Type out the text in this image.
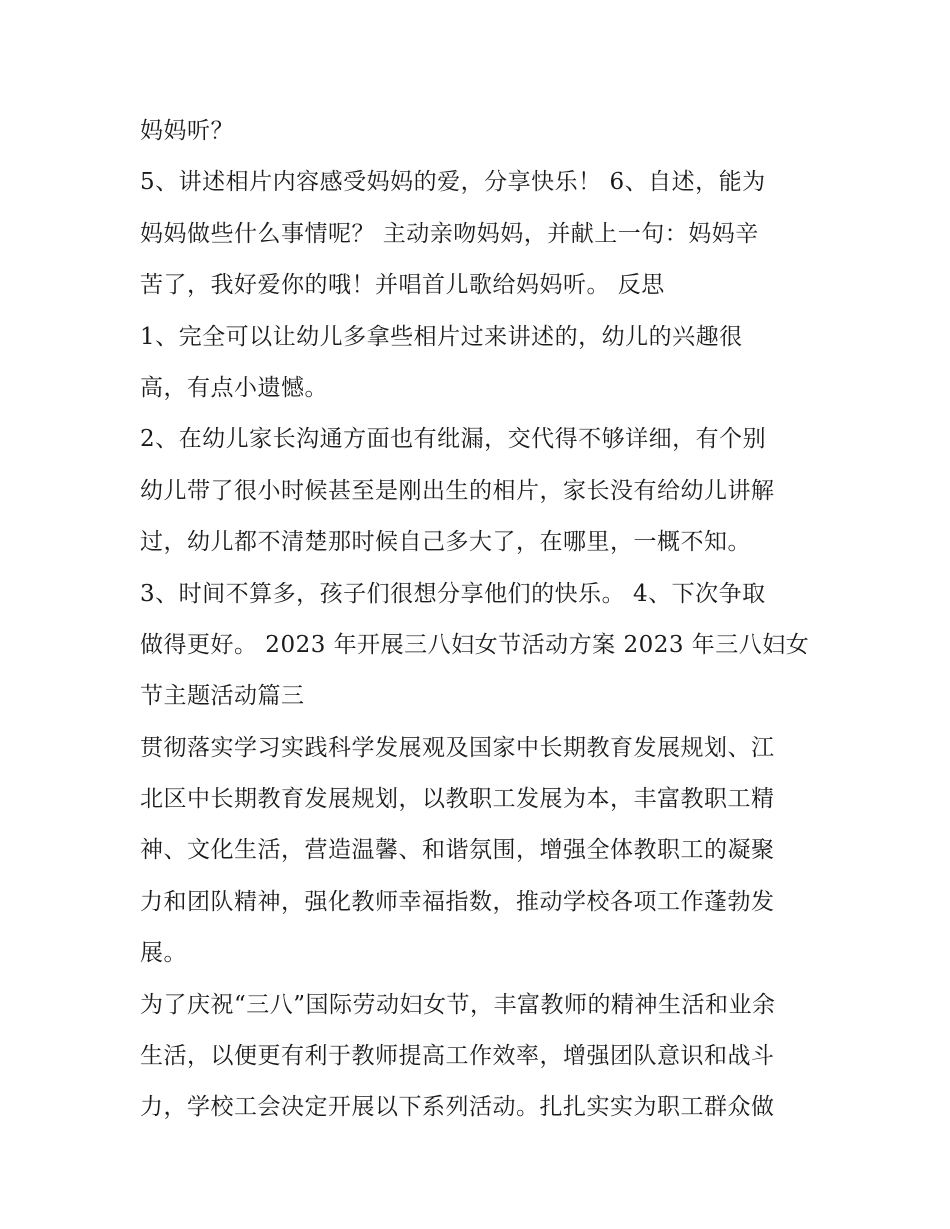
妈妈听？
5、讲述相片内容感受妈妈的爱，分享快乐！ 6、自述，能为
妈妈做些什么事情呢？ 主动亲吻妈妈，并献上一句：妈妈辛
苦了，我好爱你的哦！并唱首儿歌给妈妈听。 反思
1、完全可以让幼儿多拿些相片过来讲述的，幼儿的兴趣很
高，有点小遗憾。
2、在幼儿家长沟通方面也有纰漏，交代得不够详细，有个别
幼儿带了很小时候甚至是刚出生的相片，家长没有给幼儿讲解
过，幼儿都不清楚那时候自己多大了，在哪里，一概不知。
3、时间不算多，孩子们很想分享他们的快乐。 4、下次争取
做得更好。 2023 年开展三八妇女节活动方案 2023 年三八妇女
节主题活动篇三
贯彻落实学习实践科学发展观及国家中长期教育发展规划、江
北区中长期教育发展规划，以教职工发展为本，丰富教职工精
神、文化生活，营造温馨、和谐氛围，增强全体教职工的凝聚
力和团队精神，强化教师幸福指数，推动学校各项工作蓬勃发
展。
为了庆祝“三八”国际劳动妇女节，丰富教师的精神生活和业余
生活，以便更有利于教师提高工作效率，增强团队意识和战斗
力，学校工会决定开展以下系列活动。扎扎实实为职工群众做
